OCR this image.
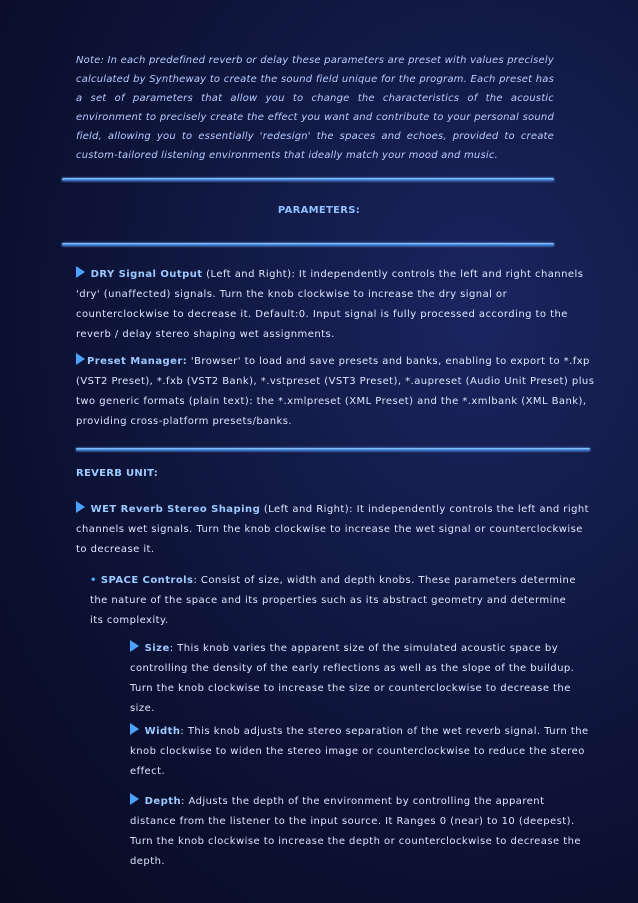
Note: In each predefined reverb or delay these parameters are preset with values precisely calculated by Syntheway to create the sound field unique for the program. Each preset has a set of parameters that allow you to change the characteristics of the acoustic environment to precisely create the effect you want and contribute to your personal sound field, allowing you to essentially 'redesign' the spaces and echoes, provided to create custom-tailored listening environments that ideally match your mood and music.

PARAMETERS:

DRY Signal Output (Left and Right): It independently controls the left and right channels 'dry' (unaffected) signals. Turn the knob clockwise to increase the dry signal or counterclockwise to decrease it. Default:0. Input signal is fully processed according to the reverb / delay stereo shaping wet assignments.

Preset Manager: 'Browser' to load and save presets and banks, enabling to export to *.fxp (VST2 Preset), *.fxb (VST2 Bank), *.vstpreset (VST3 Preset), *.aupreset (Audio Unit Preset) plus two generic formats (plain text): the *.xmlpreset (XML Preset) and the *.xmlbank (XML Bank), providing cross-platform presets/banks.

REVERB UNIT:

WET Reverb Stereo Shaping (Left and Right): It independently controls the left and right channels wet signals. Turn the knob clockwise to increase the wet signal or counterclockwise to decrease it.

• SPACE Controls: Consist of size, width and depth knobs. These parameters determine the nature of the space and its properties such as its abstract geometry and determine its complexity.

Size: This knob varies the apparent size of the simulated acoustic space by controlling the density of the early reflections as well as the slope of the buildup. Turn the knob clockwise to increase the size or counterclockwise to decrease the size.

Width: This knob adjusts the stereo separation of the wet reverb signal. Turn the knob clockwise to widen the stereo image or counterclockwise to reduce the stereo effect.

Depth: Adjusts the depth of the environment by controlling the apparent distance from the listener to the input source. It Ranges 0 (near) to 10 (deepest). Turn the knob clockwise to increase the depth or counterclockwise to decrease the depth.
